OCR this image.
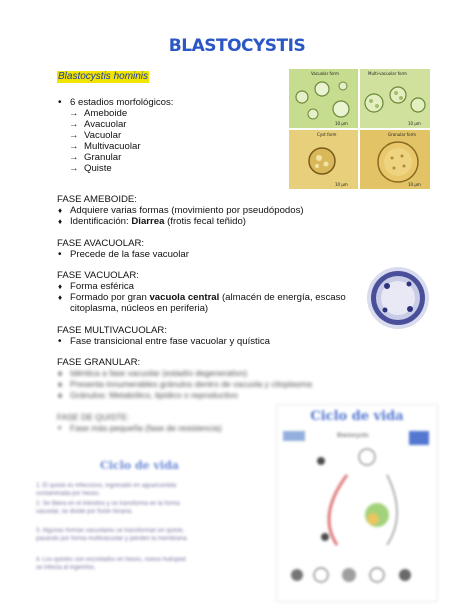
BLASTOCYSTIS
Blastocystis hominis
• 6 estadios morfológicos:
→ Ameboide
→ Avacuolar
→ Vacuolar
→ Multivacuolar
→ Granular
→ Quiste
Vacuolar form
10 µm
Multi-vacuolar form
10 µm
Cyst form
10 µm
Granular form
10 µm
FASE AMEBOIDE:
♦ Adquiere varias formas (movimiento por pseudópodos)
♦ Identificación: Diarrea (frotis fecal teñido)
FASE AVACUOLAR:
• Precede de la fase vacuolar
FASE VACUOLAR:
♦ Forma esférica
♦ Formado por gran vacuola central (almacén de energía, escaso
citoplasma, núcleos en periferia)
FASE MULTIVACUOLAR:
• Fase transicional entre fase vacuolar y quística
FASE GRANULAR:
♦ Idéntica a fase vacuolar (estadío degenerativo)
♦ Presenta innumerables gránulos dentro de vacuola y citoplasma
♦ Gránulos: Metabólico, lipídico o reproductivo
FASE DE QUISTE:
• Fase más pequeña (fase de resistencia)
Ciclo de vida
1. El quiste es infeccioso, ingresado en agua/comida
contaminada por heces.
2. Se libera en el intestino y se transforma en la forma
vacuolar, se divide por fisión binaria.
3. Algunas formas vacuolares se transforman en quiste,
pasando por forma multivacuolar y pierden la membrana.
4. Los quistes son excretados en heces, nuevo huésped
se infecta al ingerirlos.
Ciclo de vida
Blastocystis
